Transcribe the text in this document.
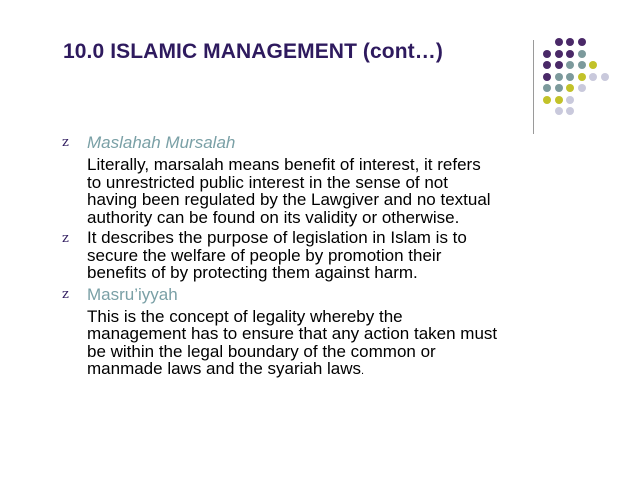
10.0 ISLAMIC MANAGEMENT (cont…)
z Maslahah Mursalah
Literally, marsalah means benefit of interest, it refers
to unrestricted public interest in the sense of not
having been regulated by the Lawgiver and no textual
authority can be found on its validity or otherwise.
z It describes the purpose of legislation in Islam is to
secure the welfare of people by promotion their
benefits of by protecting them against harm.
z Masru’iyyah
This is the concept of legality whereby the
management has to ensure that any action taken must
be within the legal boundary of the common or
manmade laws and the syariah laws.
